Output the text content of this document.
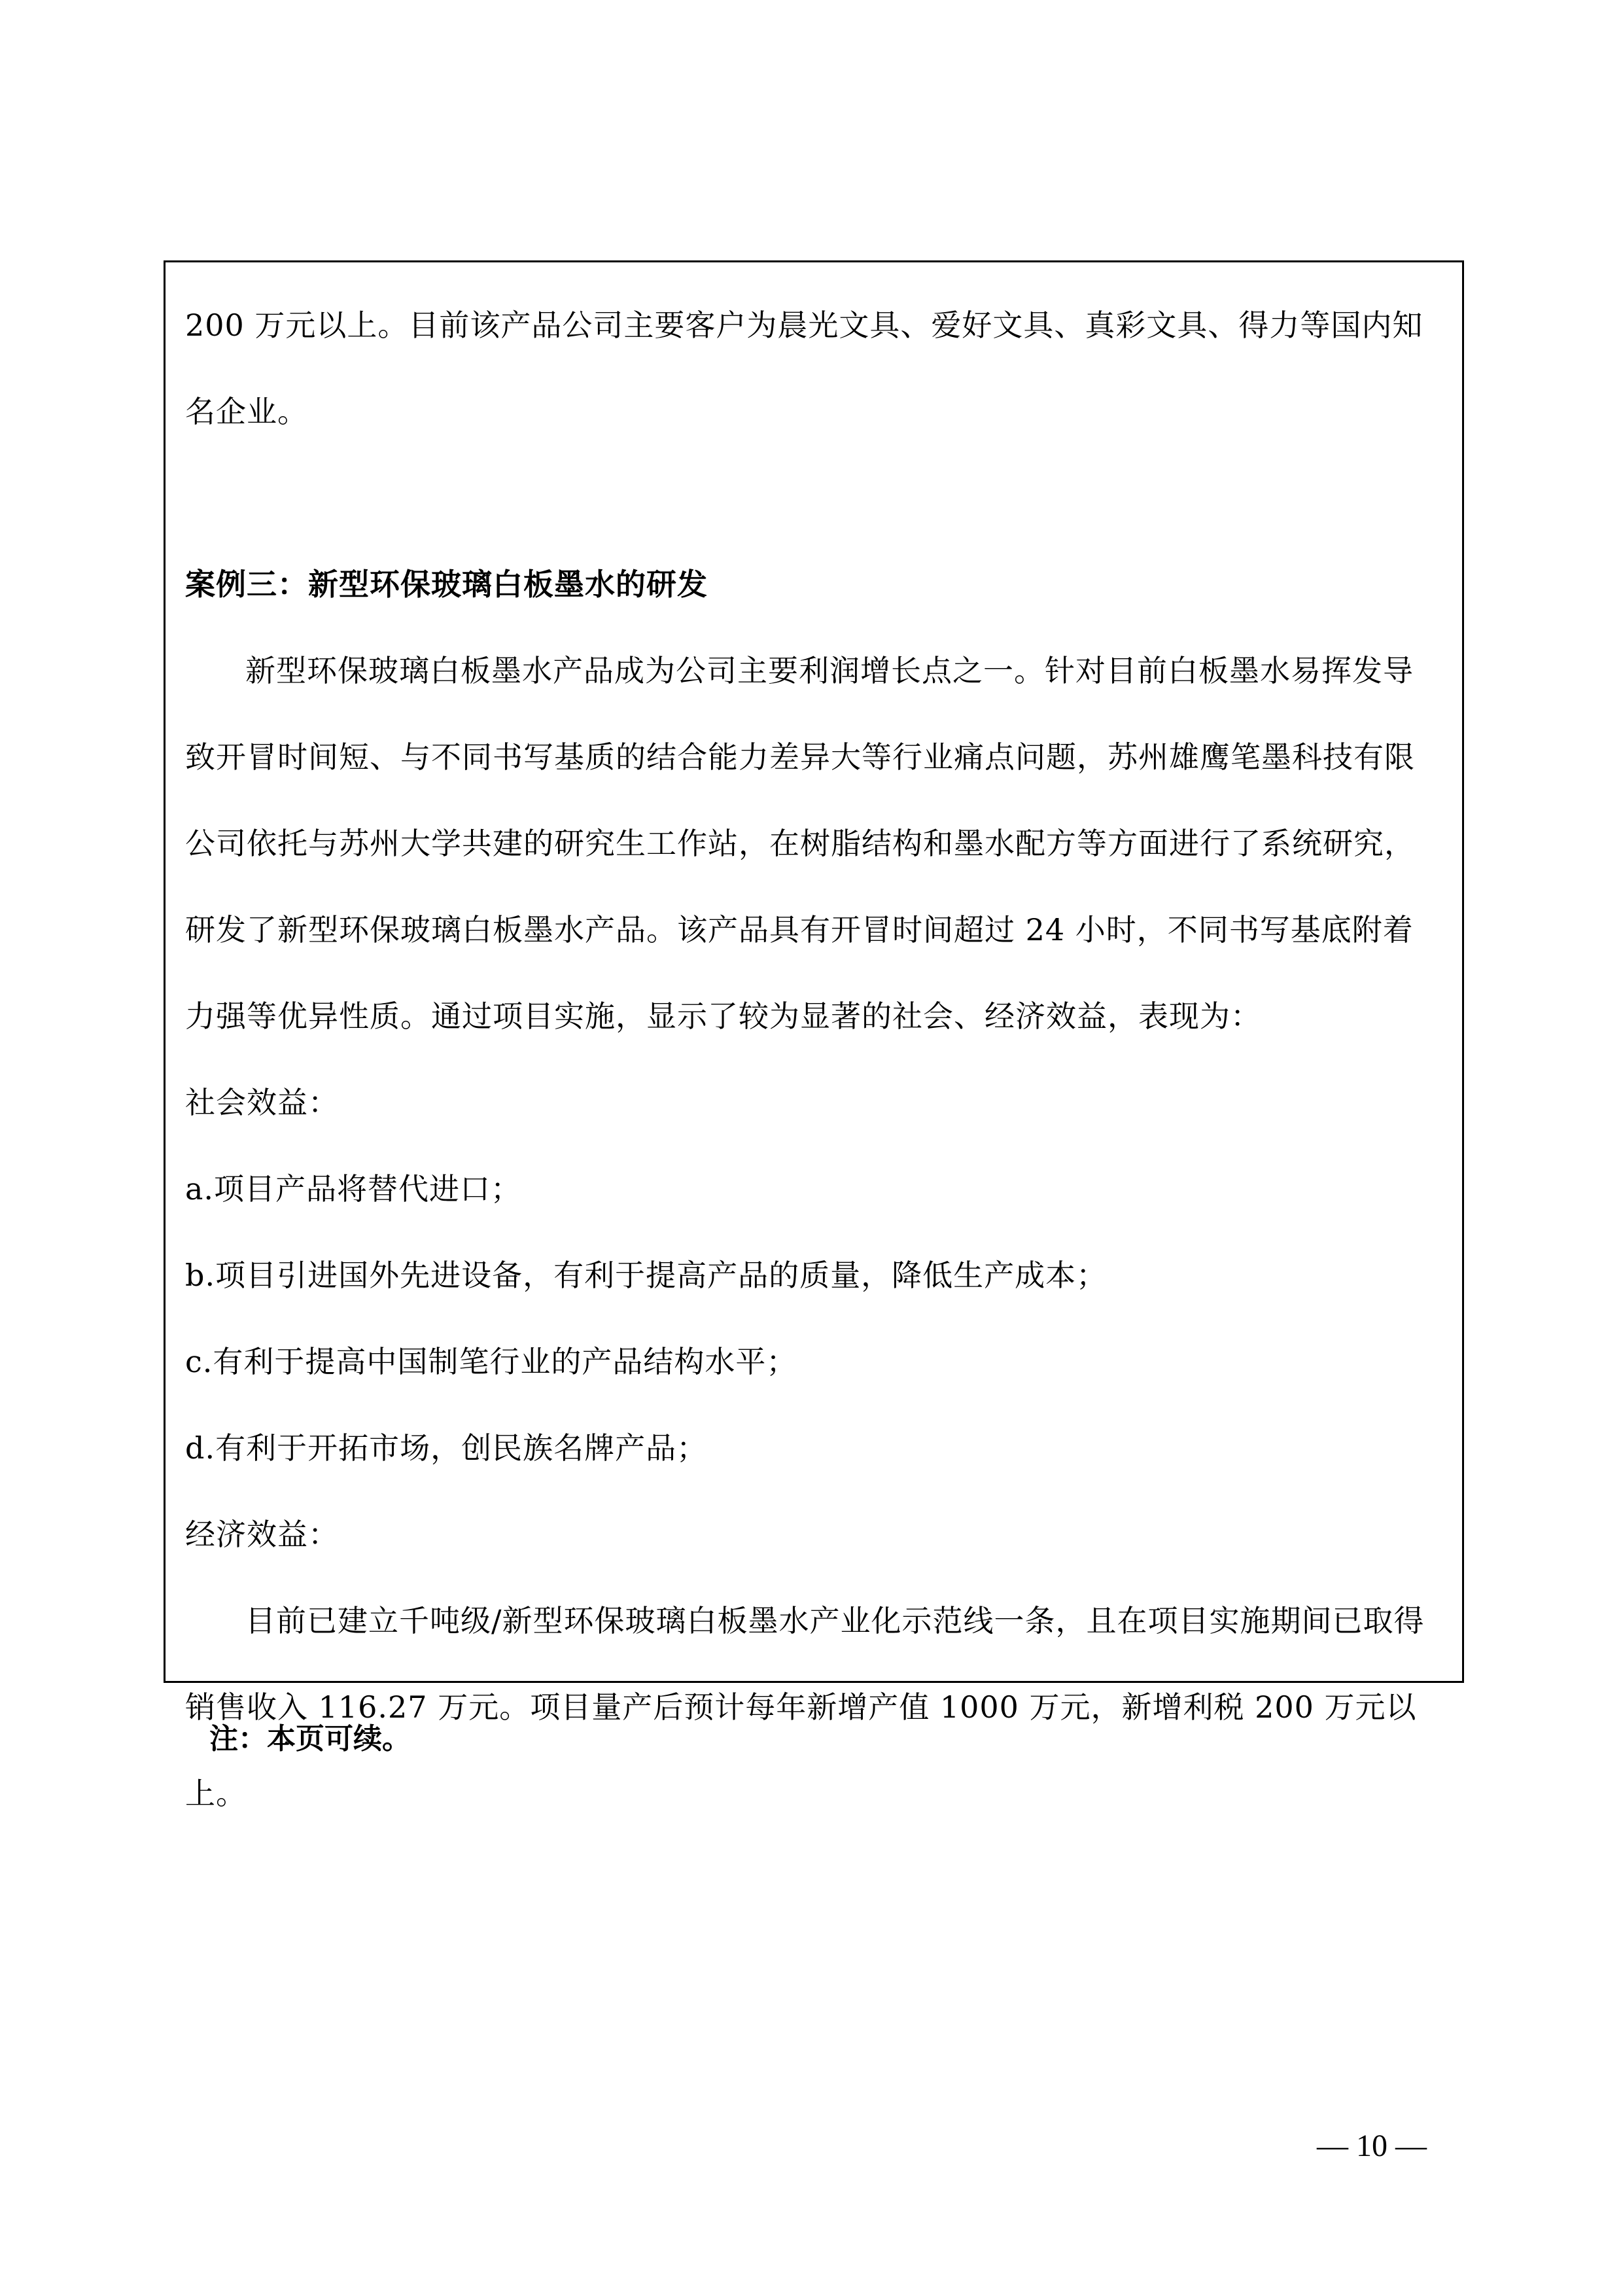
200 万元以上。目前该产品公司主要客户为晨光文具、爱好文具、真彩文具、得力等国内知名企业。

案例三：新型环保玻璃白板墨水的研发

新型环保玻璃白板墨水产品成为公司主要利润增长点之一。针对目前白板墨水易挥发导致开冒时间短、与不同书写基质的结合能力差异大等行业痛点问题，苏州雄鹰笔墨科技有限公司依托与苏州大学共建的研究生工作站，在树脂结构和墨水配方等方面进行了系统研究，研发了新型环保玻璃白板墨水产品。该产品具有开冒时间超过 24 小时，不同书写基底附着力强等优异性质。通过项目实施，显示了较为显著的社会、经济效益，表现为：

社会效益：

a.项目产品将替代进口；

b.项目引进国外先进设备，有利于提高产品的质量，降低生产成本；

c.有利于提高中国制笔行业的产品结构水平；

d.有利于开拓市场，创民族名牌产品；

经济效益：

目前已建立千吨级/新型环保玻璃白板墨水产业化示范线一条，且在项目实施期间已取得销售收入 116.27 万元。项目量产后预计每年新增产值 1000 万元，新增利税 200 万元以上。

注：本页可续。
— 10 —
